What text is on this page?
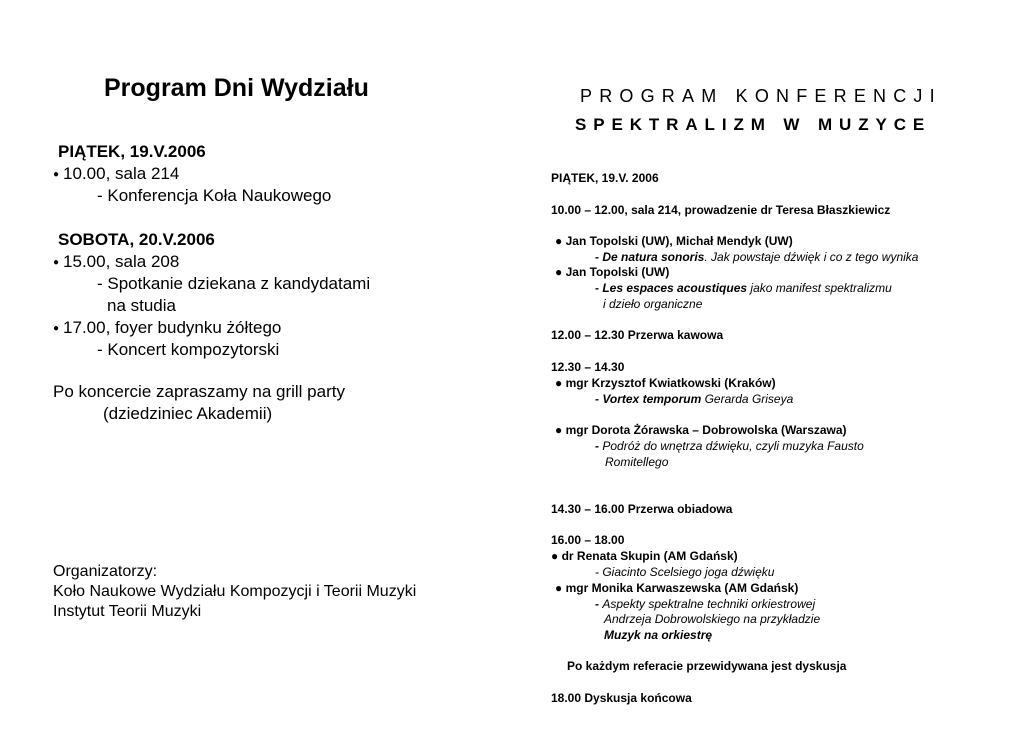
Program Dni Wydziału
PIĄTEK, 19.V.2006
● 10.00, sala 214
- Konferencja Koła Naukowego
SOBOTA, 20.V.2006
● 15.00, sala 208
- Spotkanie dziekana z kandydatami
na studia
● 17.00, foyer budynku żółtego
- Koncert kompozytorski
Po koncercie zapraszamy na grill party
(dziedziniec Akademii)
Organizatorzy:
Koło Naukowe Wydziału Kompozycji i Teorii Muzyki
Instytut Teorii Muzyki
PROGRAM KONFERENCJI
SPEKTRALIZM W MUZYCE
PIĄTEK, 19.V. 2006
10.00 – 12.00, sala 214, prowadzenie dr Teresa Błaszkiewicz
● Jan Topolski (UW), Michał Mendyk (UW)
- De natura sonoris. Jak powstaje dźwięk i co z tego wynika
● Jan Topolski (UW)
- Les espaces acoustiques jako manifest spektralizmu
i dzieło organiczne
12.00 – 12.30 Przerwa kawowa
12.30 – 14.30
● mgr Krzysztof Kwiatkowski (Kraków)
- Vortex temporum Gerarda Griseya
● mgr Dorota Żórawska – Dobrowolska (Warszawa)
- Podróż do wnętrza dźwięku, czyli muzyka Fausto
Romitellego
14.30 – 16.00 Przerwa obiadowa
16.00 – 18.00
● dr Renata Skupin (AM Gdańsk)
- Giacinto Scelsiego joga dźwięku
● mgr Monika Karwaszewska (AM Gdańsk)
- Aspekty spektralne techniki orkiestrowej
Andrzeja Dobrowolskiego na przykładzie
Muzyk na orkiestrę
Po każdym referacie przewidywana jest dyskusja
18.00 Dyskusja końcowa
